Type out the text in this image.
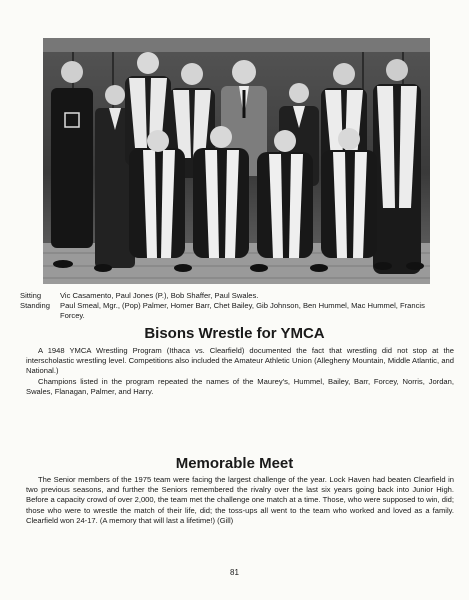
Sitting	Vic Casamento, Paul Jones (P.), Bob Shaffer, Paul Swales.
Standing	Paul Smeal, Mgr., (Pop) Palmer, Homer Barr, Chet Bailey, Gib Johnson, Ben Hummel, Mac Hummel, Francis Forcey.
Bisons Wrestle for YMCA

A 1948 YMCA Wrestling Program (Ithaca vs. Clearfield) documented the fact that wrestling did not stop at the interscholastic wrestling level. Competitions also included the Amateur Athletic Union (Allegheny Mountain, Middle Atlantic, and National.)

Champions listed in the program repeated the names of the Maurey's, Hummel, Bailey, Barr, Forcey, Norris, Jordan, Swales, Flanagan, Palmer, and Harry.

Memorable Meet

The Senior members of the 1975 team were facing the largest challenge of the year. Lock Haven had beaten Clearfield in two previous seasons, and further the Seniors remembered the rivalry over the last six years going back into Junior High. Before a capacity crowd of over 2,000, the team met the challenge one match at a time. Those, who were supposed to win, did; those who were to wrestle the match of their life, did; the toss-ups all went to the team who worked and loved as a family. Clearfield won 24-17. (A memory that will last a lifetime!) (Gill)

81
